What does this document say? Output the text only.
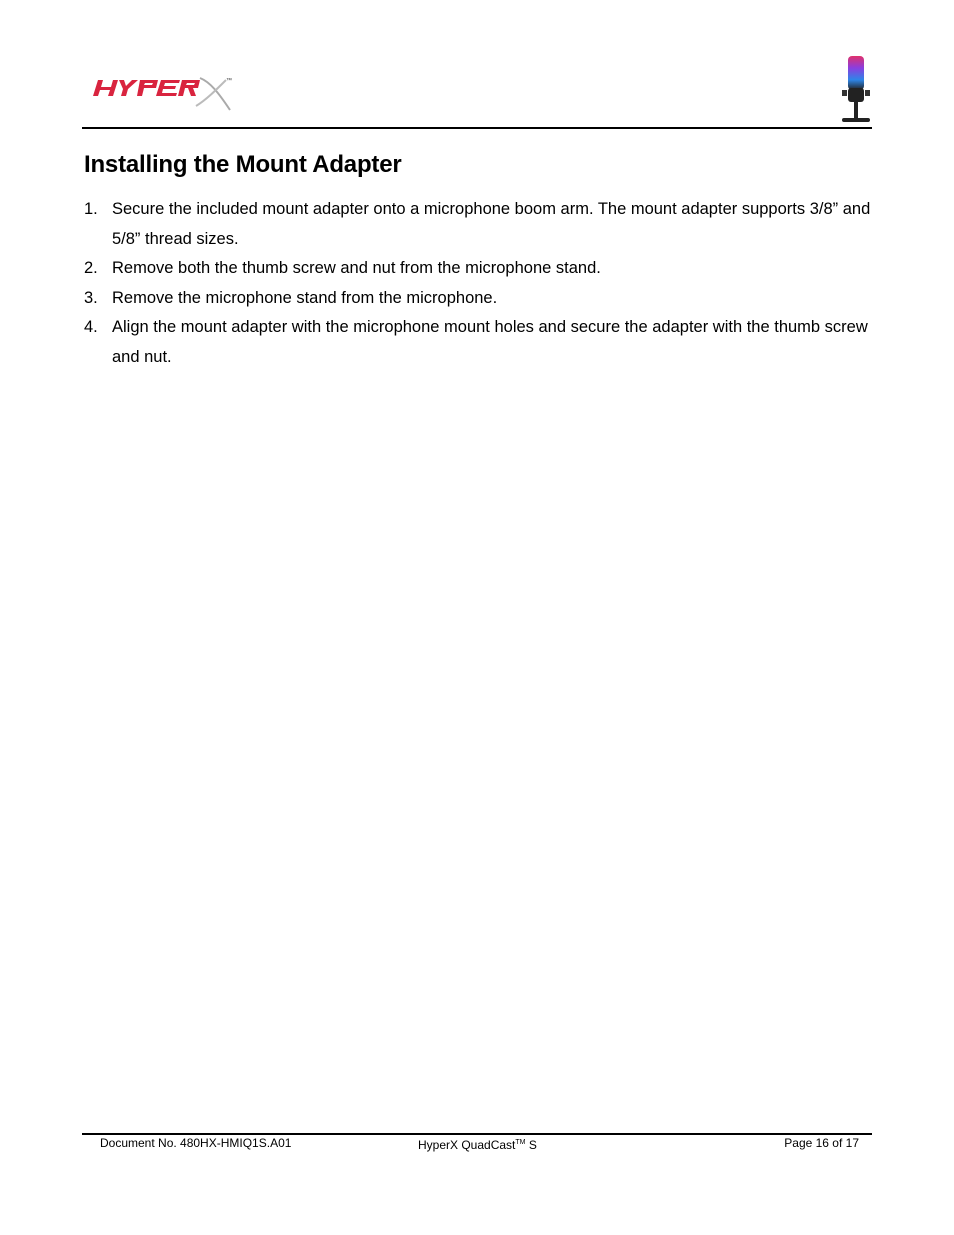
™
Installing the Mount Adapter
1. Secure the included mount adapter onto a microphone boom arm. The mount adapter supports 3/8” and 5/8” thread sizes.
2. Remove both the thumb screw and nut from the microphone stand.
3. Remove the microphone stand from the microphone.
4. Align the mount adapter with the microphone mount holes and secure the adapter with the thumb screw and nut.
Document No. 480HX-HMIQ1S.A01	HyperX QuadCast™ S	Page 16 of 17
